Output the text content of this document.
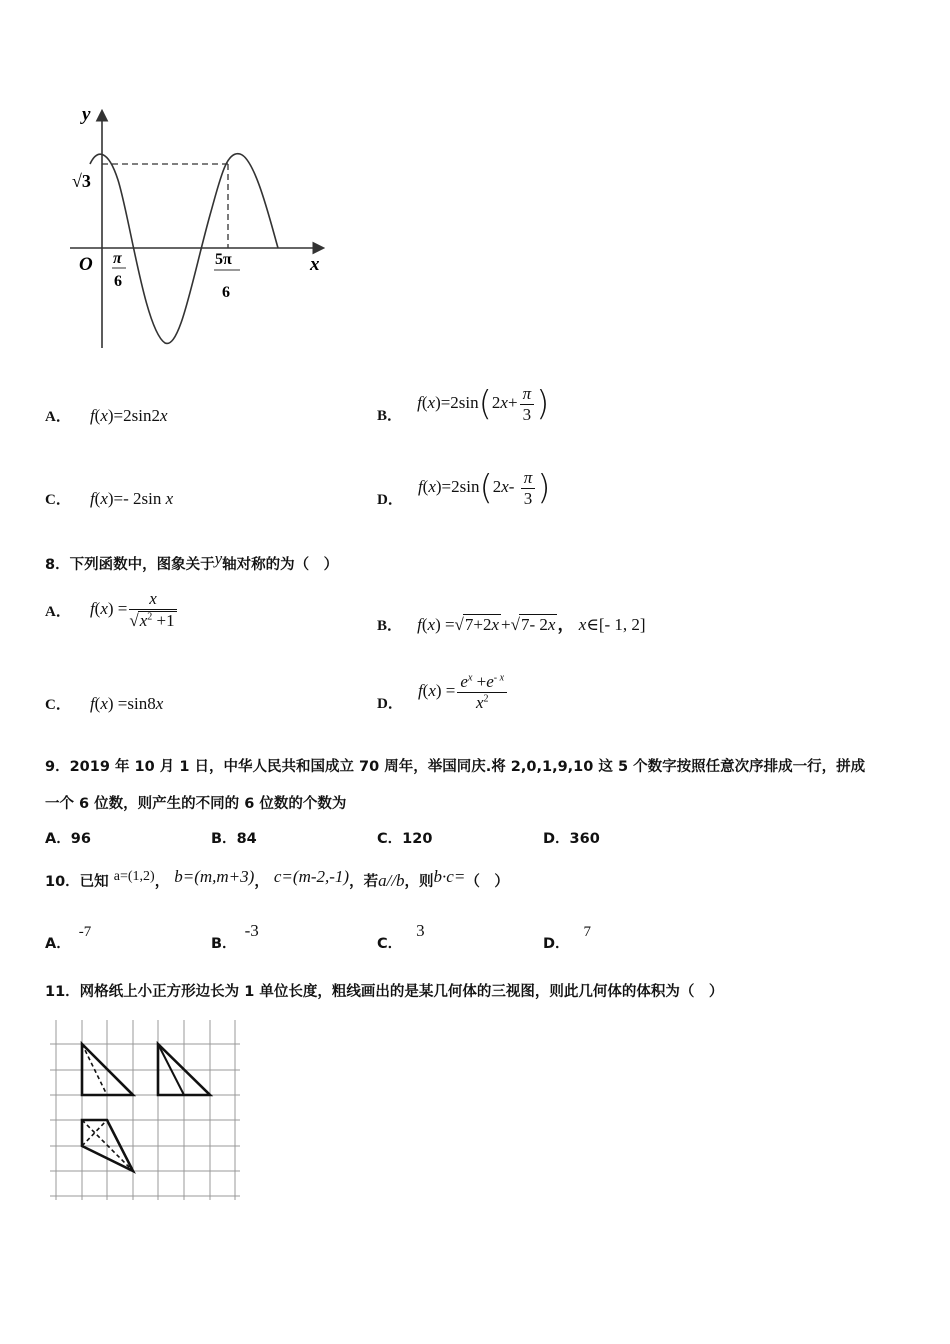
y
x
O
√3
π
6
5π
6
A． f(x)=2sin2x	B． $f(x)=2\sin(2x+ \frac{\pi}{3}$ )
C． f(x)=- 2sin x	D． $f(x)=2\sin(2x- \frac{\pi}{3}$ )
8．下列函数中，图象关于y轴对称的为（　）
A． $f(x) = \frac{x}{√x^2 +1}$	B． f(x) =√7+2x +√7- 2x ， x∈[- 1, 2]
C． f(x) =sin8x	D． $f(x) = \frac{e^x +e^{- x}}{x^2}$
9．2019 年 10 月 1 日，中华人民共和国成立 70 周年，举国同庆.将 2,0,1,9,10 这 5 个数字按照任意次序排成一行，拼成
一个 6 位数，则产生的不同的 6 位数的个数为
A．96	B．84	C．120	D．360
10．已知 a=(1,2)， b=(m,m+3)， c=(m-2,-1)，若a//b，则b·c=（　）
A．-7
B．-3
C．3
D．7
11．网格纸上小正方形边长为 1 单位长度，粗线画出的是某几何体的三视图，则此几何体的体积为（　）
